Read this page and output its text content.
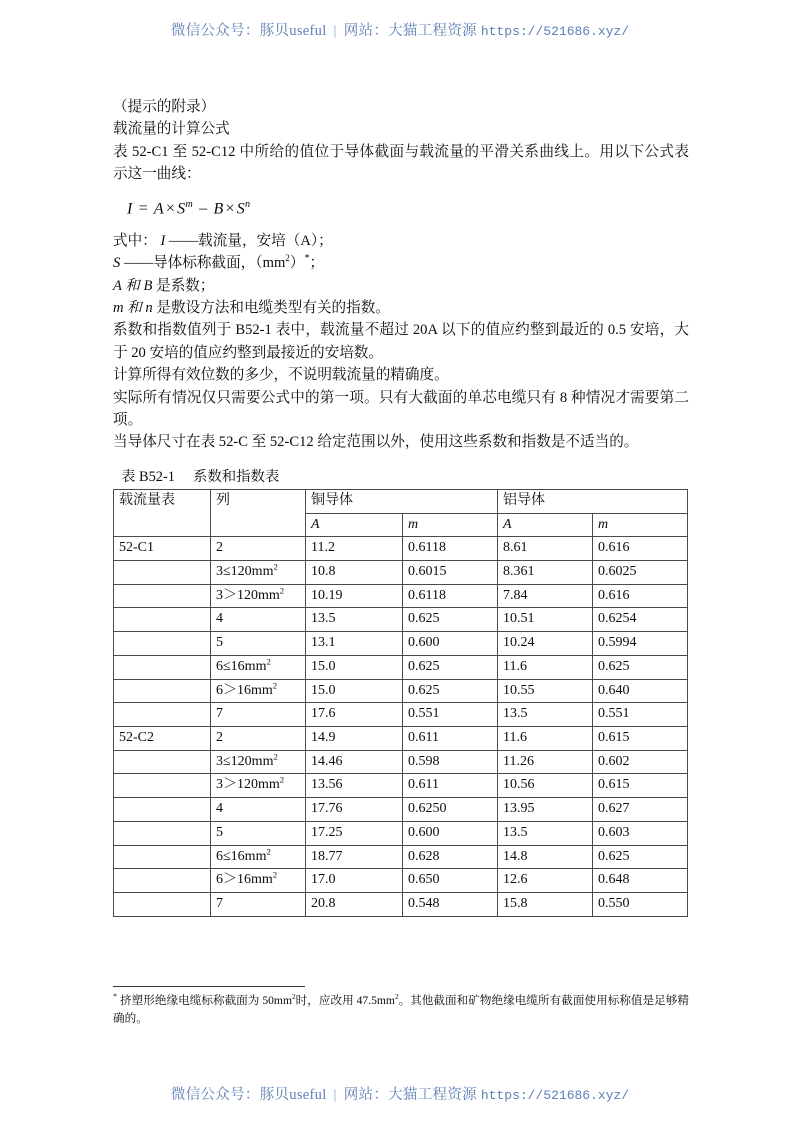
微信公众号：豚贝useful | 网站：大猫工程资源 https://521686.xyz/

（提示的附录）

载流量的计算公式

表 52-C1 至 52-C12 中所给的值位于导体截面与载流量的平滑关系曲线上。用以下公式表示这一曲线：

$I = A \times S^m - B \times S^n$

式中： I ——载流量，安培（A）；

S ——导体标称截面，$(mm^2)^*$；

A 和 B 是系数；

m 和 n 是敷设方法和电缆类型有关的指数。

系数和指数值列于 B52-1 表中，载流量不超过 20A 以下的值应约整到最近的 0.5 安培，大于 20 安培的值应约整到最接近的安培数。

计算所得有效位数的多少，不说明载流量的精确度。

实际所有情况仅只需要公式中的第一项。只有大截面的单芯电缆只有 8 种情况才需要第二项。

当导体尺寸在表 52-C 至 52-C12 给定范围以外，使用这些系数和指数是不适当的。

表 B52-1 系数和指数表
载流量表	列	铜导体		铝导体	
		A	m	A	m
52-C1	2	11.2	0.6118	8.61	0.616
	$3\le 120mm^2$	10.8	0.6015	8.361	0.6025
	$3>120mm^2$	10.19	0.6118	7.84	0.616
	4	13.5	0.625	10.51	0.6254
	5	13.1	0.600	10.24	0.5994
	$6\le 16mm^2$	15.0	0.625	11.6	0.625
	$6>16mm^2$	15.0	0.625	10.55	0.640
	7	17.6	0.551	13.5	0.551
52-C2	2	14.9	0.611	11.6	0.615
	$3\le 120mm^2$	14.46	0.598	11.26	0.602
	$3>120mm^2$	13.56	0.611	10.56	0.615
	4	17.76	0.6250	13.95	0.627
	5	17.25	0.600	13.5	0.603
	$6\le 16mm^2$	18.77	0.628	14.8	0.625
	$6>16mm^2$	17.0	0.650	12.6	0.648
	7	20.8	0.548	15.8	0.550

* 挤塑形绝缘电缆标称截面为 $50mm^2$时，应改用 $47.5mm^2$。其他截面和矿物绝缘电缆所有截面使用标称值是足够精确的。

微信公众号：豚贝useful | 网站：大猫工程资源 https://521686.xyz/
